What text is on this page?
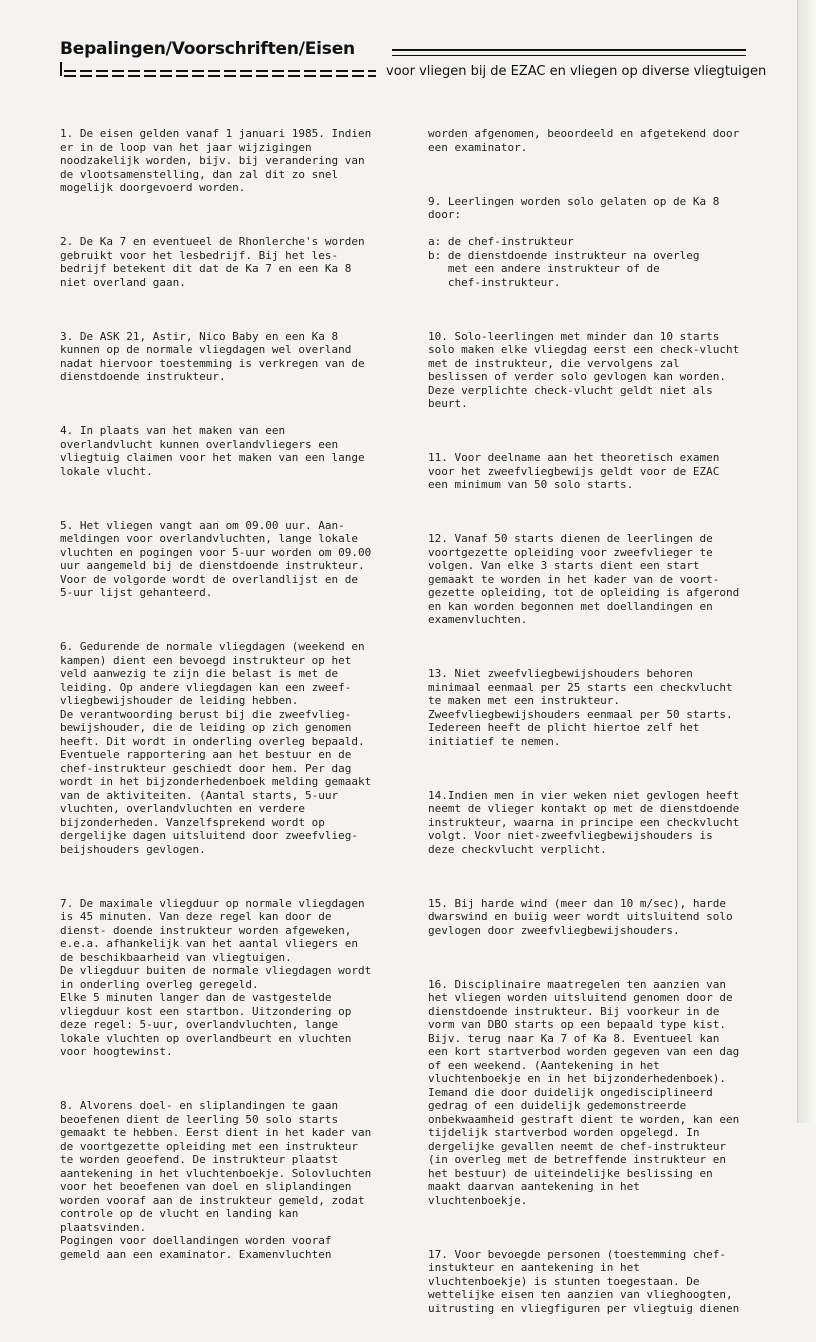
Bepalingen/Voorschriften/Eisen
voor vliegen bij de EZAC en vliegen op diverse vliegtuigen

1. De eisen gelden vanaf 1 januari 1985. Indien
er in de loop van het jaar wijzigingen
noodzakelijk worden, bijv. bij verandering van
de vlootsamenstelling, dan zal dit zo snel
mogelijk doorgevoerd worden.

2. De Ka 7 en eventueel de Rhonlerche's worden
gebruikt voor het lesbedrijf. Bij het les-
bedrijf betekent dit dat de Ka 7 en een Ka 8
niet overland gaan.

3. De ASK 21, Astir, Nico Baby en een Ka 8
kunnen op de normale vliegdagen wel overland
nadat hiervoor toestemming is verkregen van de
dienstdoende instrukteur.

4. In plaats van het maken van een
overlandvlucht kunnen overlandvliegers een
vliegtuig claimen voor het maken van een lange
lokale vlucht.

5. Het vliegen vangt aan om 09.00 uur. Aan-
meldingen voor overlandvluchten, lange lokale
vluchten en pogingen voor 5-uur worden om 09.00
uur aangemeld bij de dienstdoende instrukteur.
Voor de volgorde wordt de overlandlijst en de
5-uur lijst gehanteerd.

6. Gedurende de normale vliegdagen (weekend en
kampen) dient een bevoegd instrukteur op het
veld aanwezig te zijn die belast is met de
leiding. Op andere vliegdagen kan een zweef-
vliegbewijshouder de leiding hebben.
De verantwoording berust bij die zweefvlieg-
bewijshouder, die de leiding op zich genomen
heeft. Dit wordt in onderling overleg bepaald.
Eventuele rapportering aan het bestuur en de
chef-instrukteur geschiedt door hem. Per dag
wordt in het bijzonderhedenboek melding gemaakt
van de aktiviteiten. (Aantal starts, 5-uur
vluchten, overlandvluchten en verdere
bijzonderheden. Vanzelfsprekend wordt op
dergelijke dagen uitsluitend door zweefvlieg-
beijshouders gevlogen.

7. De maximale vliegduur op normale vliegdagen
is 45 minuten. Van deze regel kan door de
dienst- doende instrukteur worden afgeweken,
e.e.a. afhankelijk van het aantal vliegers en
de beschikbaarheid van vliegtuigen.
De vliegduur buiten de normale vliegdagen wordt
in onderling overleg geregeld.
Elke 5 minuten langer dan de vastgestelde
vliegduur kost een startbon. Uitzondering op
deze regel: 5-uur, overlandvluchten, lange
lokale vluchten op overlandbeurt en vluchten
voor hoogtewinst.

8. Alvorens doel- en sliplandingen te gaan
beoefenen dient de leerling 50 solo starts
gemaakt te hebben. Eerst dient in het kader van
de voortgezette opleiding met een instrukteur
te worden geoefend. De instrukteur plaatst
aantekening in het vluchtenboekje. Solovluchten
voor het beoefenen van doel en sliplandingen
worden vooraf aan de instrukteur gemeld, zodat
controle op de vlucht en landing kan
plaatsvinden.
Pogingen voor doellandingen worden vooraf
gemeld aan een examinator. Examenvluchten

worden afgenomen, beoordeeld en afgetekend door
een examinator.

9. Leerlingen worden solo gelaten op de Ka 8
door:

a: de chef-instrukteur
b: de dienstdoende instrukteur na overleg
met een andere instrukteur of de
chef-instrukteur.

10. Solo-leerlingen met minder dan 10 starts
solo maken elke vliegdag eerst een check-vlucht
met de instrukteur, die vervolgens zal
beslissen of verder solo gevlogen kan worden.
Deze verplichte check-vlucht geldt niet als
beurt.

11. Voor deelname aan het theoretisch examen
voor het zweefvliegbewijs geldt voor de EZAC
een minimum van 50 solo starts.

12. Vanaf 50 starts dienen de leerlingen de
voortgezette opleiding voor zweefvlieger te
volgen. Van elke 3 starts dient een start
gemaakt te worden in het kader van de voort-
gezette opleiding, tot de opleiding is afgerond
en kan worden begonnen met doellandingen en
examenvluchten.

13. Niet zweefvliegbewijshouders behoren
minimaal eenmaal per 25 starts een checkvlucht
te maken met een instrukteur.
Zweefvliegbewijshouders eenmaal per 50 starts.
Iedereen heeft de plicht hiertoe zelf het
initiatief te nemen.

14.Indien men in vier weken niet gevlogen heeft
neemt de vlieger kontakt op met de dienstdoende
instrukteur, waarna in principe een checkvlucht
volgt. Voor niet-zweefvliegbewijshouders is
deze checkvlucht verplicht.

15. Bij harde wind (meer dan 10 m/sec), harde
dwarswind en buiig weer wordt uitsluitend solo
gevlogen door zweefvliegbewijshouders.

16. Disciplinaire maatregelen ten aanzien van
het vliegen worden uitsluitend genomen door de
dienstdoende instrukteur. Bij voorkeur in de
vorm van DBO starts op een bepaald type kist.
Bijv. terug naar Ka 7 of Ka 8. Eventueel kan
een kort startverbod worden gegeven van een dag
of een weekend. (Aantekening in het
vluchtenboekje en in het bijzonderhedenboek).
Iemand die door duidelijk ongedisciplineerd
gedrag of een duidelijk gedemonstreerde
onbekwaamheid gestraft dient te worden, kan een
tijdelijk startverbod worden opgelegd. In
dergelijke gevallen neemt de chef-instrukteur
(in overleg met de betreffende instrukteur en
het bestuur) de uiteindelijke beslissing en
maakt daarvan aantekening in het
vluchtenboekje.

17. Voor bevoegde personen (toestemming chef-
instukteur en aantekening in het
vluchtenboekje) is stunten toegestaan. De
wettelijke eisen ten aanzien van vlieghoogten,
uitrusting en vliegfiguren per vliegtuig dienen
